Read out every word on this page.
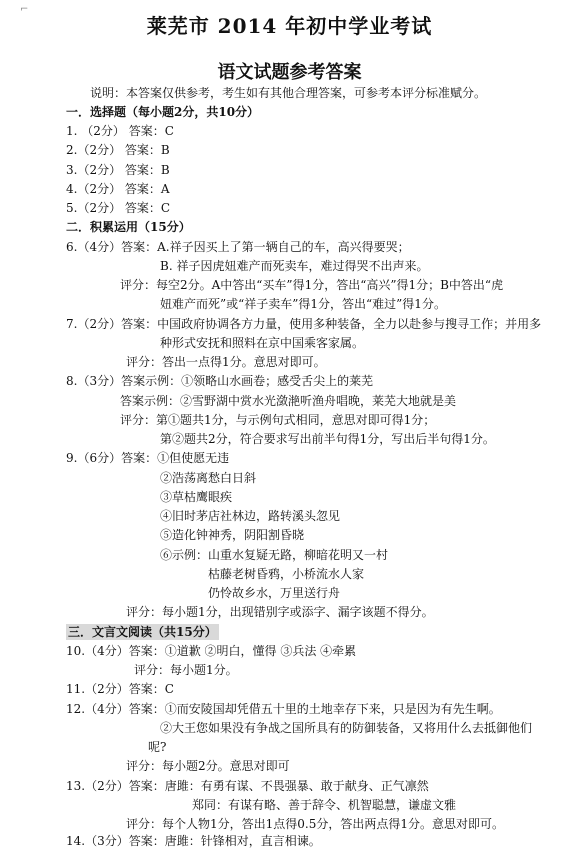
莱芜市 2014 年初中学业考试
语文试题参考答案
说明：本答案仅供参考，考生如有其他合理答案，可参考本评分标准赋分。
一．选择题（每小题2分，共10分）
1. （2分） 答案：C
2.（2分） 答案：B
3.（2分） 答案：B
4.（2分） 答案：A
5.（2分） 答案：C
二．积累运用（15分）
6.（4分）答案：A.祥子因买上了第一辆自己的车，高兴得要哭；
B. 祥子因虎妞难产而死卖车，难过得哭不出声来。
评分：每空2分。A中答出“买车”得1分，答出“高兴”得1分；B中答出“虎
妞难产而死”或“祥子卖车”得1分，答出“难过”得1分。
7.（2分）答案：中国政府协调各方力量，使用多种装备，全力以赴参与搜寻工作；并用多
种形式安抚和照料在京中国乘客家属。
评分：答出一点得1分。意思对即可。
8.（3分）答案示例：①领略山水画卷；感受舌尖上的莱芜
答案示例：②雪野湖中赏水光潋滟听渔舟唱晚，莱芜大地就是美
评分：第①题共1分，与示例句式相同，意思对即可得1分；
第②题共2分，符合要求写出前半句得1分，写出后半句得1分。
9.（6分）答案：①但使愿无违
②浩荡离愁白日斜
③草枯鹰眼疾
④旧时茅店社林边，路转溪头忽见
⑤造化钟神秀，阴阳割昏晓
⑥示例：山重水复疑无路，柳暗花明又一村
枯藤老树昏鸦，小桥流水人家
仍怜故乡水，万里送行舟
评分：每小题1分，出现错别字或添字、漏字该题不得分。
三．文言文阅读（共15分）
10.（4分）答案：①道歉 ②明白，懂得 ③兵法 ④牵累
评分：每小题1分。
11.（2分）答案：C
12.（4分）答案：①而安陵国却凭借五十里的土地幸存下来，只是因为有先生啊。
②大王您如果没有争战之国所具有的防御装备，又将用什么去抵御他们
呢?
评分：每小题2分。意思对即可
13.（2分）答案：唐雎：有勇有谋、不畏强暴、敢于献身、正气凛然
郑同：有谋有略、善于辞令、机智聪慧，谦虚文雅
评分：每个人物1分，答出1点得0.5分，答出两点得1分。意思对即可。
14.（3分）答案：唐雎：针锋相对，直言相谏。
⌐
